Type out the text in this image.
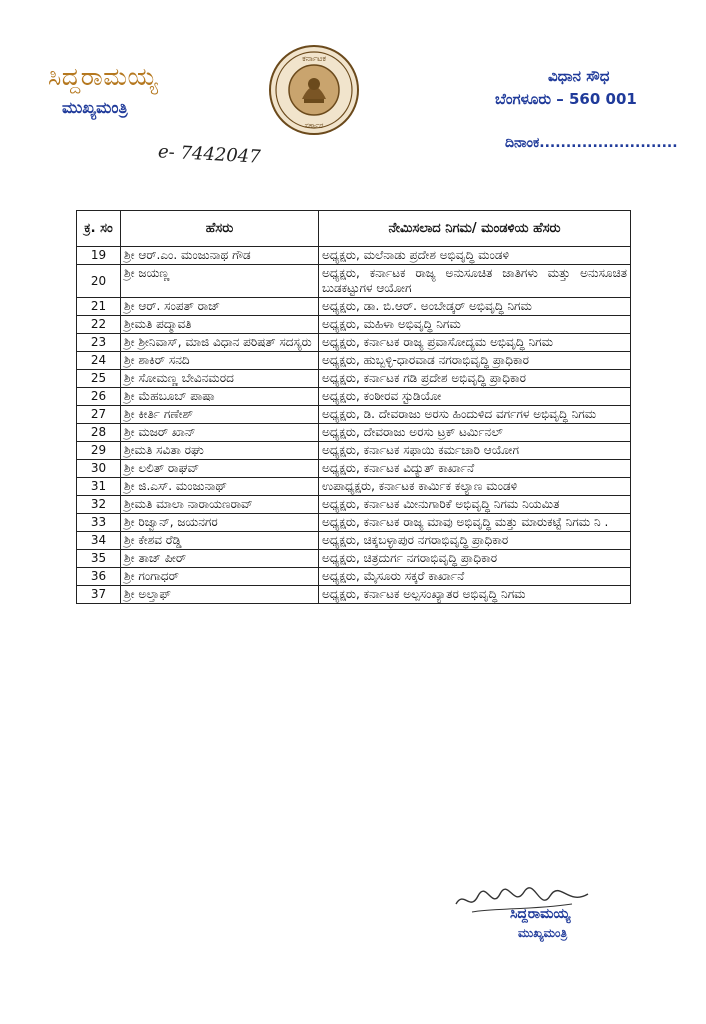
ಸಿದ್ದರಾಮಯ್ಯ
ಮುಖ್ಯಮಂತ್ರಿ
ಕರ್ನಾಟಕ
ಸರ್ಕಾರ
ವಿಧಾನ ಸೌಧ
ಬೆಂಗಳೂರು – 560 001
ದಿನಾಂಕ..........................
e- 7442047
ಕ್ರ. ಸಂ	ಹೆಸರು	ನೇಮಿಸಲಾದ ನಿಗಮ/ ಮಂಡಳಿಯ ಹೆಸರು
19	ಶ್ರೀ ಆರ್.ಎಂ. ಮಂಜುನಾಥ ಗೌಡ	ಅಧ್ಯಕ್ಷರು, ಮಲೆನಾಡು ಪ್ರದೇಶ ಅಭಿವೃದ್ಧಿ ಮಂಡಳಿ
20	ಶ್ರೀ ಜಯಣ್ಣ	ಅಧ್ಯಕ್ಷರು, ಕರ್ನಾಟಕ ರಾಜ್ಯ ಅನುಸೂಚಿತ ಜಾತಿಗಳು ಮತ್ತು ಅನುಸೂಚಿತ ಬುಡಕಟ್ಟುಗಳ ಆಯೋಗ
21	ಶ್ರೀ ಆರ್. ಸಂಪತ್ ರಾಜ್	ಅಧ್ಯಕ್ಷರು, ಡಾ. ಬಿ.ಆರ್. ಅಂಬೇಡ್ಕರ್ ಅಭಿವೃದ್ಧಿ ನಿಗಮ
22	ಶ್ರೀಮತಿ ಪದ್ಮಾವತಿ	ಅಧ್ಯಕ್ಷರು, ಮಹಿಳಾ ಅಭಿವೃದ್ಧಿ ನಿಗಮ
23	ಶ್ರೀ ಶ್ರೀನಿವಾಸ್, ಮಾಜಿ ವಿಧಾನ ಪರಿಷತ್ ಸದಸ್ಯರು	ಅಧ್ಯಕ್ಷರು, ಕರ್ನಾಟಕ ರಾಜ್ಯ ಪ್ರವಾಸೋದ್ಯಮ ಅಭಿವೃದ್ಧಿ ನಿಗಮ
24	ಶ್ರೀ ಶಾಕಿರ್ ಸನದಿ	ಅಧ್ಯಕ್ಷರು, ಹುಬ್ಬಳ್ಳಿ-ಧಾರವಾಡ ನಗರಾಭಿವೃದ್ಧಿ ಪ್ರಾಧಿಕಾರ
25	ಶ್ರೀ ಸೋಮಣ್ಣ ಬೇವಿನಮರದ	ಅಧ್ಯಕ್ಷರು, ಕರ್ನಾಟಕ ಗಡಿ ಪ್ರದೇಶ ಅಭಿವೃದ್ಧಿ ಪ್ರಾಧಿಕಾರ
26	ಶ್ರೀ ಮೆಹಬೂಬ್ ಪಾಷಾ	ಅಧ್ಯಕ್ಷರು, ಕಂಠೀರವ ಸ್ಟುಡಿಯೋ
27	ಶ್ರೀ ಕೀರ್ತಿ ಗಣೇಶ್	ಅಧ್ಯಕ್ಷರು, ಡಿ. ದೇವರಾಜು ಅರಸು ಹಿಂದುಳಿದ ವರ್ಗಗಳ ಅಭಿವೃದ್ಧಿ ನಿಗಮ
28	ಶ್ರೀ ಮಜರ್ ಖಾನ್	ಅಧ್ಯಕ್ಷರು, ದೇವರಾಜು ಅರಸು ಟ್ರಕ್ ಟರ್ಮಿನಲ್
29	ಶ್ರೀಮತಿ ಸವಿತಾ ರಘು	ಅಧ್ಯಕ್ಷರು, ಕರ್ನಾಟಕ ಸಫಾಯಿ ಕರ್ಮಚಾರಿ ಆಯೋಗ
30	ಶ್ರೀ ಲಲಿತ್ ರಾಘವ್	ಅಧ್ಯಕ್ಷರು, ಕರ್ನಾಟಕ ವಿದ್ಯುತ್ ಕಾರ್ಖಾನೆ
31	ಶ್ರೀ ಜಿ.ಎಸ್. ಮಂಜುನಾಥ್	ಉಪಾಧ್ಯಕ್ಷರು, ಕರ್ನಾಟಕ ಕಾರ್ಮಿಕ ಕಲ್ಯಾಣ ಮಂಡಳಿ
32	ಶ್ರೀಮತಿ ಮಾಲಾ ನಾರಾಯಣರಾವ್	ಅಧ್ಯಕ್ಷರು, ಕರ್ನಾಟಕ ಮೀನುಗಾರಿಕೆ ಅಭಿವೃದ್ಧಿ ನಿಗಮ ನಿಯಮಿತ
33	ಶ್ರೀ ರಿಜ್ವಾನ್, ಜಯನಗರ	ಅಧ್ಯಕ್ಷರು, ಕರ್ನಾಟಕ ರಾಜ್ಯ ಮಾವು ಅಭಿವೃದ್ಧಿ ಮತ್ತು ಮಾರುಕಟ್ಟೆ ನಿಗಮ ನಿ .
34	ಶ್ರೀ ಕೇಶವ ರೆಡ್ಡಿ	ಅಧ್ಯಕ್ಷರು, ಚಿಕ್ಕಬಳ್ಳಾಪುರ ನಗರಾಭಿವೃದ್ಧಿ ಪ್ರಾಧಿಕಾರ
35	ಶ್ರೀ ತಾಜ್ ಪೀರ್	ಅಧ್ಯಕ್ಷರು, ಚಿತ್ರದುರ್ಗ ನಗರಾಭಿವೃದ್ಧಿ ಪ್ರಾಧಿಕಾರ
36	ಶ್ರೀ ಗಂಗಾಧರ್	ಅಧ್ಯಕ್ಷರು, ಮೈಸೂರು ಸಕ್ಕರೆ ಕಾರ್ಖಾನೆ
37	ಶ್ರೀ ಅಲ್ತಾಫ್	ಅಧ್ಯಕ್ಷರು, ಕರ್ನಾಟಕ ಅಲ್ಪಸಂಖ್ಯಾತರ ಅಭಿವೃದ್ಧಿ ನಿಗಮ
ಸಿದ್ದರಾಮಯ್ಯ
ಮುಖ್ಯಮಂತ್ರಿ
